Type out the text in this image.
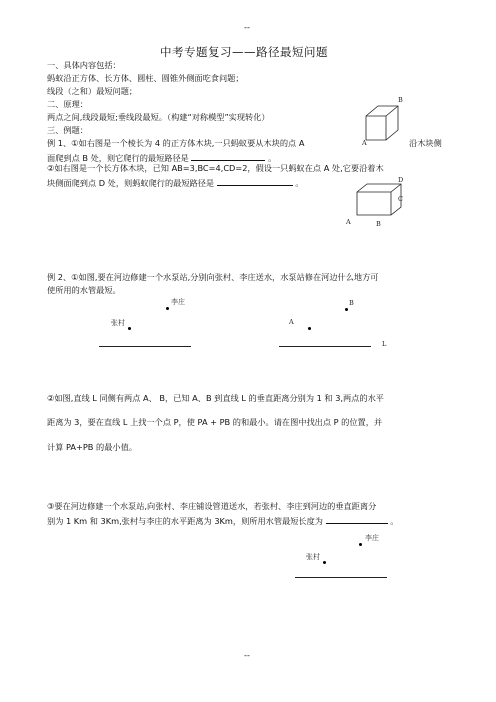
--
中考专题复习——路径最短问题
一、具体内容包括：
蚂蚁沿正方体、长方体、圆柱、圆锥外侧面吃食问题；
线段（之和）最短问题；
二、原理：
两点之间,线段最短;垂线段最短。（构建“对称模型”实现转化）
三、例题：
例 1、①如右图是一个棱长为 4 的正方体木块,一只蚂蚁要从木块的点 A	沿木块侧
面爬到点 B 处，则它爬行的最短路径是	。
②如右图是一个长方体木块，已知 AB=3,BC=4,CD=2，假设一只蚂蚁在点 A 处,它要沿着木
块侧面爬到点 D 处，则蚂蚁爬行的最短路径是	。
B
A
D
C
A	B
例 2、①如图,要在河边修建一个水泵站,分别向张村、李庄送水，水泵站修在河边什么地方可
使所用的水管最短。
李庄
张村
B
A
L
②如图,直线 L 同侧有两点 A、 B，已知 A、B 到直线 L 的垂直距离分别为 1 和 3,两点的水平
距离为 3，要在直线 L 上找一个点 P，使 PA + PB 的和最小。请在图中找出点 P 的位置，并
计算 PA+PB 的最小值。
③要在河边修建一个水泵站,向张村、李庄铺设管道送水，若张村、李庄到河边的垂直距离分
别为 1 Km 和 3Km,张村与李庄的水平距离为 3Km，则所用水管最短长度为	。
李庄
张村
--
